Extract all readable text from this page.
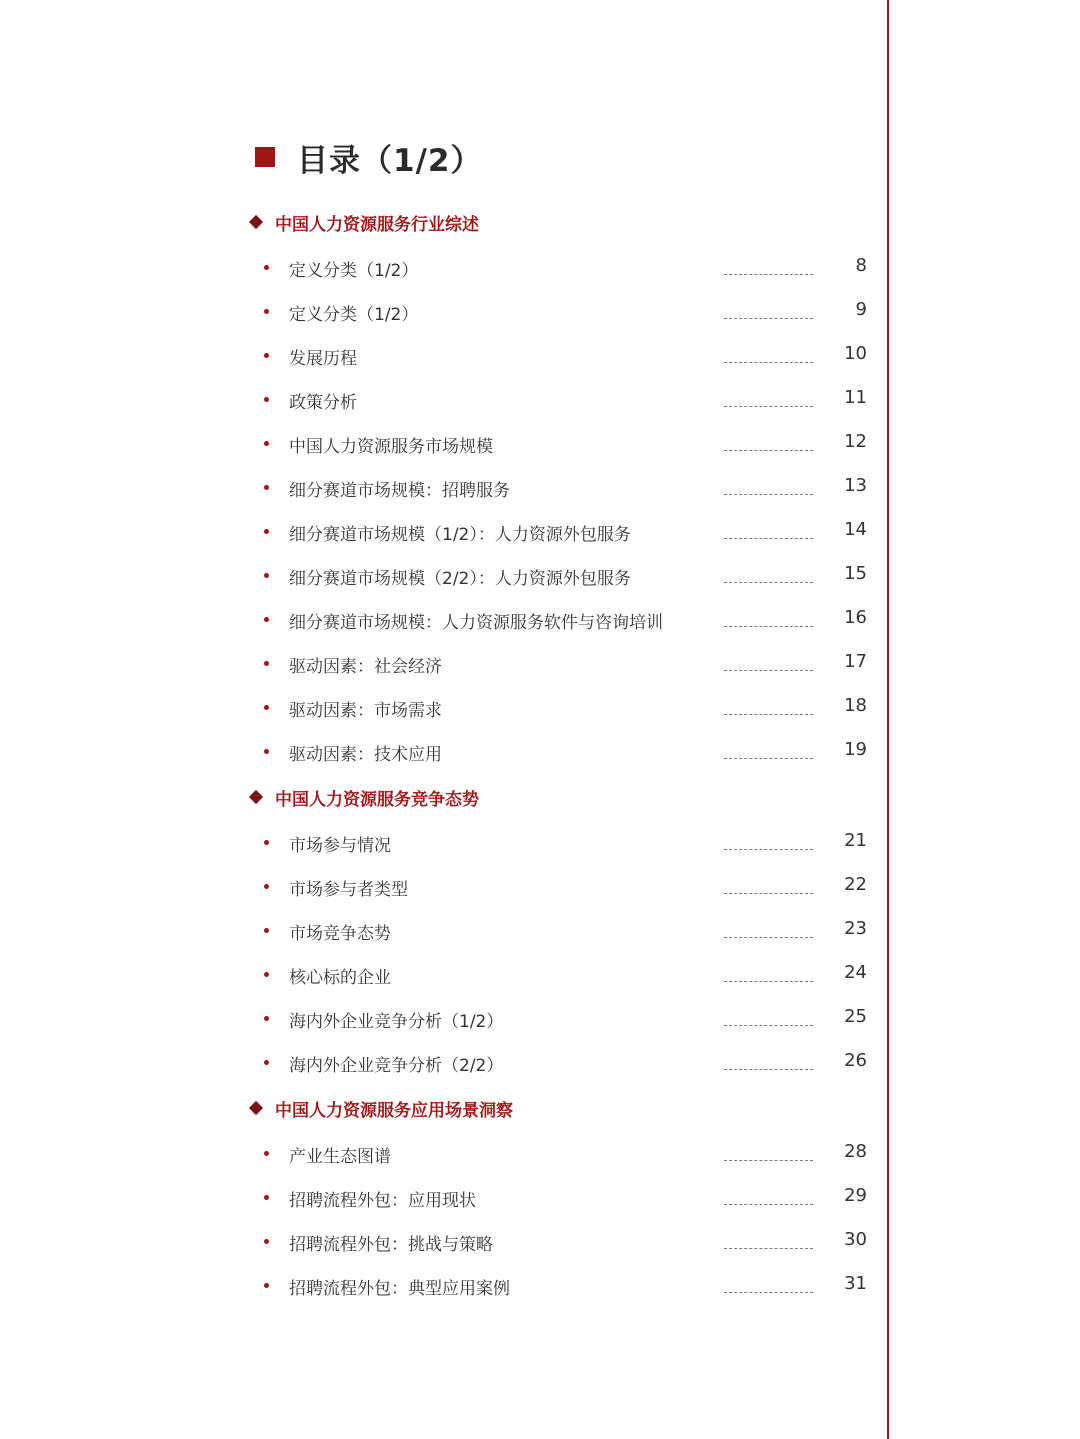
目录（1/2）
中国人力资源服务行业综述
定义分类（1/2）	8
定义分类（1/2）	9
发展历程	10
政策分析	11
中国人力资源服务市场规模	12
细分赛道市场规模：招聘服务	13
细分赛道市场规模（1/2）：人力资源外包服务	14
细分赛道市场规模（2/2）：人力资源外包服务	15
细分赛道市场规模：人力资源服务软件与咨询培训	16
驱动因素：社会经济	17
驱动因素：市场需求	18
驱动因素：技术应用	19
中国人力资源服务竞争态势
市场参与情况	21
市场参与者类型	22
市场竞争态势	23
核心标的企业	24
海内外企业竞争分析（1/2）	25
海内外企业竞争分析（2/2）	26
中国人力资源服务应用场景洞察
产业生态图谱	28
招聘流程外包：应用现状	29
招聘流程外包：挑战与策略	30
招聘流程外包：典型应用案例	31
